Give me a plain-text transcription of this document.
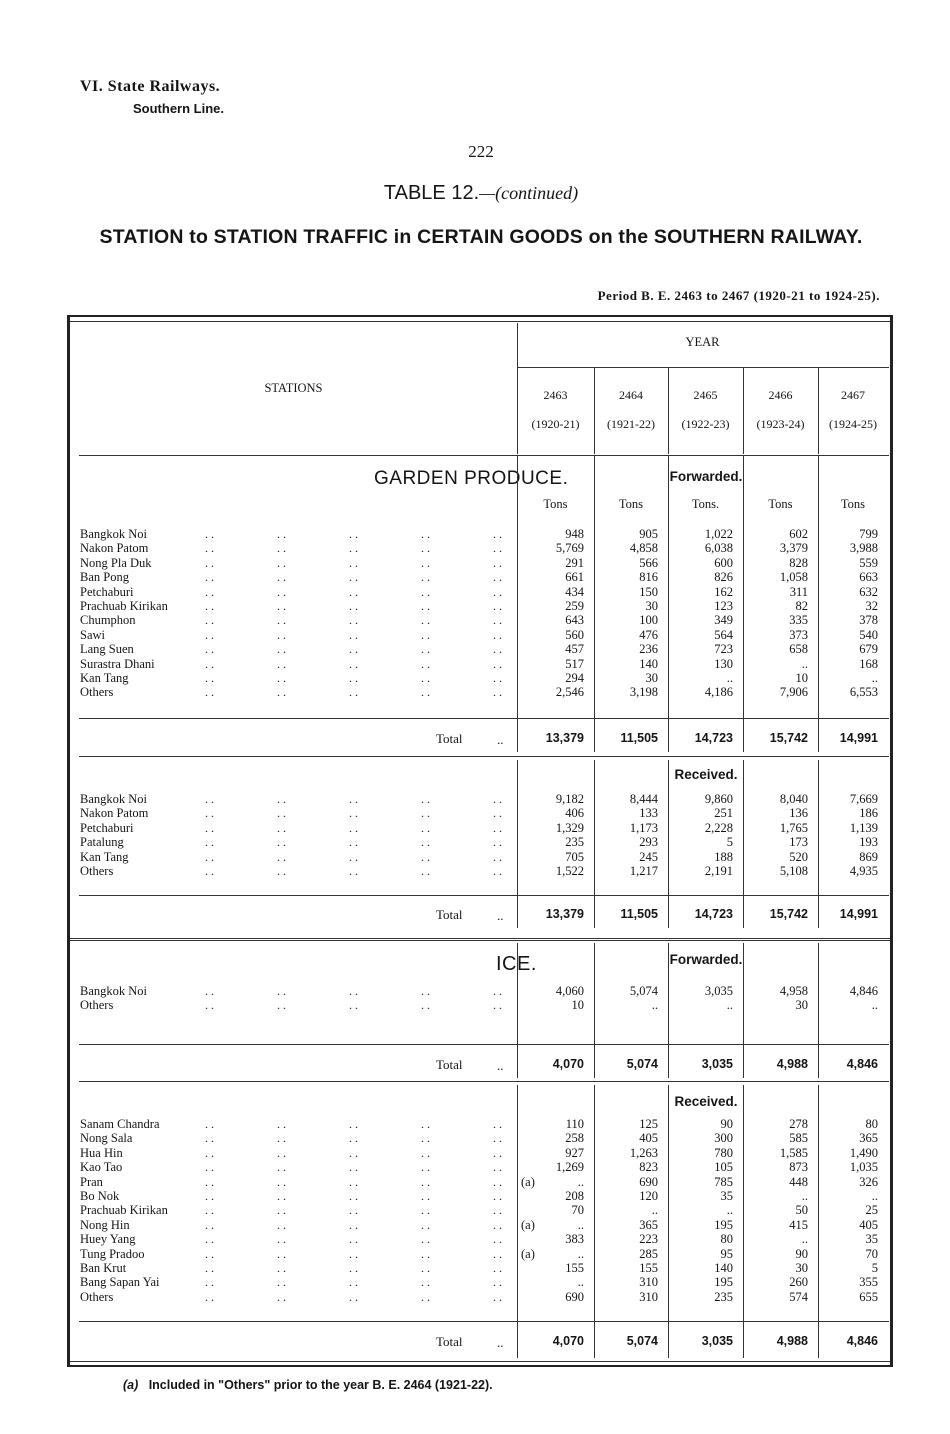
VI. State Railways.
Southern Line.
222
TABLE 12.—(continued)
STATION to STATION TRAFFIC in CERTAIN GOODS on the SOUTHERN RAILWAY.
Period B. E. 2463 to 2467 (1920-21 to 1924-25).
YEAR
STATIONS	2463
(1920-21)
2464
(1921-22)
2465
(1922-23)
2466
(1923-24)
2467
(1924-25)
GARDEN PRODUCE.
Tons	Tons	Tons.	Tons	Tons
Forwarded.
Bangkok Noi	. .	. .	. .	. .	. .	948	905	1,022	602	799
Nakon Patom	. .	. .	. .	. .	. .	5,769	4,858	6,038	3,379	3,988
Nong Pla Duk	. .	. .	. .	. .	. .	291	566	600	828	559
Ban Pong	. .	. .	. .	. .	. .	661	816	826	1,058	663
Petchaburi	. .	. .	. .	. .	. .	434	150	162	311	632
Prachuab Kirikan	. .	. .	. .	. .	. .	259	30	123	82	32
Chumphon	. .	. .	. .	. .	. .	643	100	349	335	378
Sawi	. .	. .	. .	. .	. .	560	476	564	373	540
Lang Suen	. .	. .	. .	. .	. .	457	236	723	658	679
Surastra Dhani	. .	. .	. .	. .	. .	517	140	130	..	168
Kan Tang	. .	. .	. .	. .	. .	294	30	..	10	..
Others	. .	. .	. .	. .	. .	2,546	3,198	4,186	7,906	6,553
Total	..	13,379	11,505	14,723	15,742	14,991
Received.
Bangkok Noi	. .	. .	. .	. .	. .	9,182	8,444	9,860	8,040	7,669
Nakon Patom	. .	. .	. .	. .	. .	406	133	251	136	186
Petchaburi	. .	. .	. .	. .	. .	1,329	1,173	2,228	1,765	1,139
Patalung	. .	. .	. .	. .	. .	235	293	5	173	193
Kan Tang	. .	. .	. .	. .	. .	705	245	188	520	869
Others	. .	. .	. .	. .	. .	1,522	1,217	2,191	5,108	4,935
Total	..	13,379	11,505	14,723	15,742	14,991
ICE.	Forwarded.
Bangkok Noi	. .	. .	. .	. .	. .	4,060	5,074	3,035	4,958	4,846
Others	. .	. .	. .	. .	. .	10	..	..	30	..
Total	..	4,070	5,074	3,035	4,988	4,846
Received.
Sanam Chandra	. .	. .	. .	. .	. .	110	125	90	278	80
Nong Sala	. .	. .	. .	. .	. .	258	405	300	585	365
Hua Hin	. .	. .	. .	. .	. .	927	1,263	780	1,585	1,490
Kao Tao	. .	. .	. .	. .	. .	1,269	823	105	873	1,035
Pran	. .	. .	. .	. .	. .	(a)	..	690	785	448	326
Bo Nok	. .	. .	. .	. .	. .	208	120	35	..	..
Prachuab Kirikan	. .	. .	. .	. .	. .	70	..	..	50	25
Nong Hin	. .	. .	. .	. .	. .	(a)	..	365	195	415	405
Huey Yang	. .	. .	. .	. .	. .	383	223	80	..	35
Tung Pradoo	. .	. .	. .	. .	. .	(a)	..	285	95	90	70
Ban Krut	. .	. .	. .	. .	. .	155	155	140	30	5
Bang Sapan Yai	. .	. .	. .	. .	. .	..	310	195	260	355
Others	. .	. .	. .	. .	. .	690	310	235	574	655
Total	..	4,070	5,074	3,035	4,988	4,846
(a) Included in "Others" prior to the year B. E. 2464 (1921-22).
